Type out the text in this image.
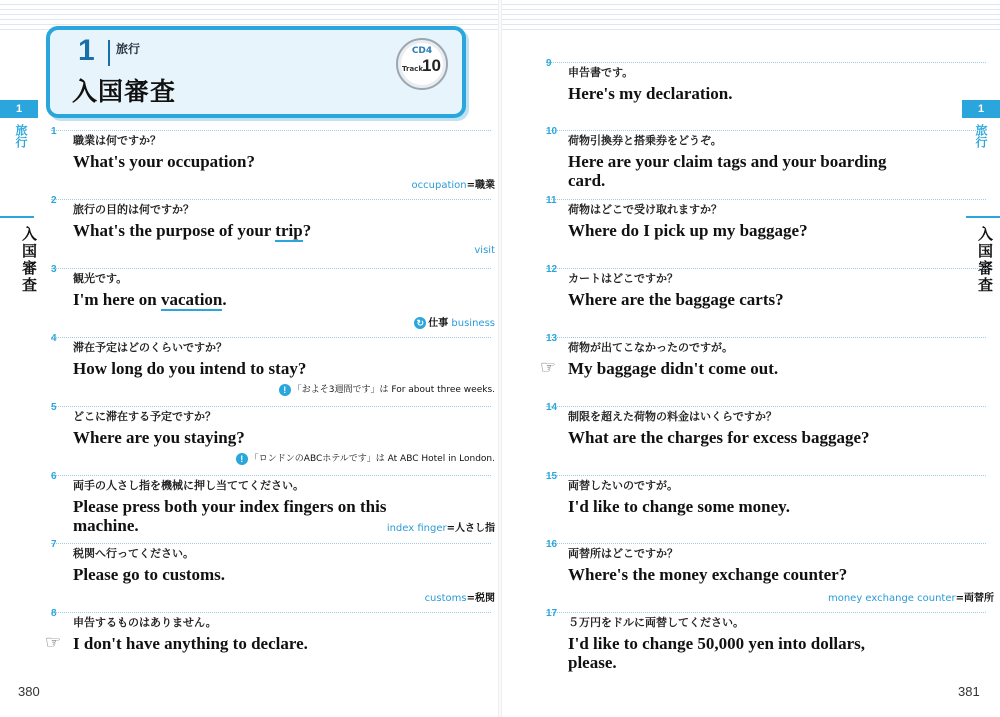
1 旅行
入国審査
CD4
Track 10
1
旅行
入国審査
1
職業は何ですか？
What's your occupation?
occupation=職業
2
旅行の目的は何ですか？
What's the purpose of your trip?
visit
3
観光です。
I'm here on vacation.
↻ 仕事 business
4
滞在予定はどのくらいですか？
How long do you intend to stay?
! 「およそ3週間です」は For about three weeks.
5
どこに滞在する予定ですか？
Where are you staying?
! 「ロンドンのABCホテルです」は At ABC Hotel in London.
6
両手の人さし指を機械に押し当ててください。
Please press both your index fingers on this
machine.	index finger=人さし指
7
税関へ行ってください。
Please go to customs.
customs=税関
8
☞
申告するものはありません。
I don't have anything to declare.
380
1
旅行
入国審査
9
申告書です。
Here's my declaration.
10
荷物引換券と搭乗券をどうぞ。
Here are your claim tags and your boarding
card.
11
荷物はどこで受け取れますか？
Where do I pick up my baggage?
12
カートはどこですか？
Where are the baggage carts?
13
☞
荷物が出てこなかったのですが。
My baggage didn't come out.
14
制限を超えた荷物の料金はいくらですか？
What are the charges for excess baggage?
15
両替したいのですが。
I'd like to change some money.
16
両替所はどこですか？
Where's the money exchange counter?
money exchange counter=両替所
17
５万円をドルに両替してください。
I'd like to change 50,000 yen into dollars,
please.
381
